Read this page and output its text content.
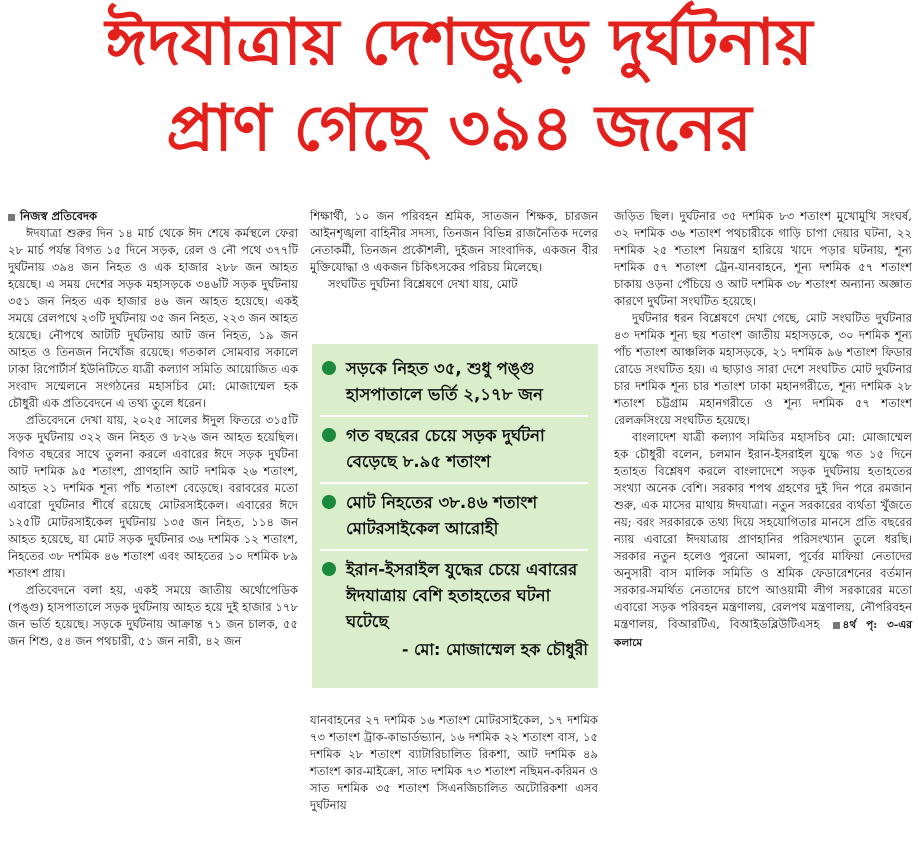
ঈদযাত্রায় দেশজুড়ে দুর্ঘটনায়
প্রাণ গেছে ৩৯৪ জনের

নিজস্ব প্রতিবেদক

ঈদযাত্রা শুরুর দিন ১৪ মার্চ থেকে ঈদ শেষে কর্মস্থলে ফেরা ২৮ মার্চ পর্যন্ত বিগত ১৫ দিনে সড়ক, রেল ও নৌ পথে ৩৭৭টি দুর্ঘটনায় ৩৯৪ জন নিহত ও এক হাজার ২৮৮ জন আহত হয়েছে। এ সময় দেশের সড়ক মহাসড়কে ৩৪৬টি সড়ক দুর্ঘটনায় ৩৫১ জন নিহত এক হাজার ৪৬ জন আহত হয়েছে। একই সময়ে রেলপথে ২৩টি দুর্ঘটনায় ৩৫ জন নিহত, ২২৩ জন আহত হয়েছে। নৌপথে আটটি দুর্ঘটনায় আট জন নিহত, ১৯ জন আহত ও তিনজন নিখোঁজ রয়েছে। গতকাল সোমবার সকালে ঢাকা রিপোর্টার্স ইউনিটিতে যাত্রী কল্যাণ সমিতি আয়োজিত এক সংবাদ সম্মেলনে সংগঠনের মহাসচিব মো: মোজাম্মেল হক চৌধুরী এক প্রতিবেদনে এ তথ্য তুলে ধরেন।

প্রতিবেদনে দেখা যায়, ২০২৫ সালের ঈদুল ফিতরে ৩১৫টি সড়ক দুর্ঘটনায় ৩২২ জন নিহত ও ৮২৬ জন আহত হয়েছিল। বিগত বছরের সাথে তুলনা করলে এবারের ঈদে সড়ক দুর্ঘটনা আট দশমিক ৯৫ শতাংশ, প্রাণহানি আট দশমিক ২৬ শতাংশ, আহত ২১ দশমিক শূন্য পাঁচ শতাংশ বেড়েছে। বরাবরের মতো এবারো দুর্ঘটনার শীর্ষে রয়েছে মোটরসাইকেল। এবারের ঈদে ১২৫টি মোটরসাইকেল দুর্ঘটনায় ১৩৫ জন নিহত, ১১৪ জন আহত হয়েছে, যা মোট সড়ক দুর্ঘটনার ৩৬ দশমিক ১২ শতাংশ, নিহতের ৩৮ দশমিক ৪৬ শতাংশ এবং আহতের ১০ দশমিক ৮৯ শতাংশ প্রায়।

প্রতিবেদনে বলা হয়, একই সময়ে জাতীয় অর্থোপেডিক (পঙ্গু) হাসপাতালে সড়ক দুর্ঘটনায় আহত হয়ে দুই হাজার ১৭৮ জন ভর্তি হয়েছে। সড়কে দুর্ঘটনায় আক্রান্ত ৭১ জন চালক, ৫৫ জন শিশু, ৫৪ জন পথচারী, ৫১ জন নারী, ৪২ জন

শিক্ষার্থী, ১০ জন পরিবহন শ্রমিক, সাতজন শিক্ষক, চারজন আইনশৃঙ্খলা বাহিনীর সদস্য, তিনজন বিভিন্ন রাজনৈতিক দলের নেতাকর্মী, তিনজন প্রকৌশলী, দুইজন সাংবাদিক, একজন বীর মুক্তিযোদ্ধা ও একজন চিকিৎসকের পরিচয় মিলেছে।

সংঘটিত দুর্ঘটনা বিশ্লেষণে দেখা যায়, মোট

সড়কে নিহত ৩৫, শুধু পঙ্গু হাসপাতালে ভর্তি ২,১৭৮ জন
গত বছরের চেয়ে সড়ক দুর্ঘটনা বেড়েছে ৮.৯৫ শতাংশ
মোট নিহতের ৩৮.৪৬ শতাংশ মোটরসাইকেল আরোহী
ইরান-ইসরাইল যুদ্ধের চেয়ে এবারের ঈদযাত্রায় বেশি হতাহতের ঘটনা ঘটেছে
- মো: মোজাম্মেল হক চৌধুরী

যানবাহনের ২৭ দশমিক ১৬ শতাংশ মোটরসাইকেল, ১৭ দশমিক ৭৩ শতাংশ ট্রাক-কাভার্ডভ্যান, ১৬ দশমিক ২২ শতাংশ বাস, ১৫ দশমিক ২৮ শতাংশ ব্যাটারিচালিত রিকশা, আট দশমিক ৪৯ শতাংশ কার-মাইক্রো, সাত দশমিক ৭৩ শতাংশ নছিমন-করিমন ও সাত দশমিক ৩৫ শতাংশ সিএনজিচালিত অটোরিকশা এসব দুর্ঘটনায়

জড়িত ছিল। দুর্ঘটনার ৩৫ দশমিক ৮৩ শতাংশ মুখোমুখি সংঘর্ষ, ৩২ দশমিক ৩৬ শতাংশ পথচারীকে গাড়ি চাপা দেয়ার ঘটনা, ২২ দশমিক ২৫ শতাংশ নিয়ন্ত্রণ হারিয়ে খাদে পড়ার ঘটনায়, শূন্য দশমিক ৫৭ শতাংশ ট্রেন-যানবাহনে, শূন্য দশমিক ৫৭ শতাংশ চাকায় ওড়না পেঁচিয়ে ও আট দশমিক ৩৮ শতাংশ অন্যান্য অজ্ঞাত কারণে দুর্ঘটনা সংঘটিত হয়েছে।

দুর্ঘটনার ধরন বিশ্লেষণে দেখা গেছে, মোট সংঘটিত দুর্ঘটনার ৪৩ দশমিক শূন্য ছয় শতাংশ জাতীয় মহাসড়কে, ৩০ দশমিক শূন্য পাঁচ শতাংশ আঞ্চলিক মহাসড়কে, ২১ দশমিক ৯৬ শতাংশ ফিডার রোডে সংঘটিত হয়। এ ছাড়াও সারা দেশে সংঘটিত মোট দুর্ঘটনার চার দশমিক শূন্য চার শতাংশ ঢাকা মহানগরীতে, শূন্য দশমিক ২৮ শতাংশ চট্টগ্রাম মহানগরীতে ও শূন্য দশমিক ৫৭ শতাংশ রেলক্রসিংয়ে সংঘটিত হয়েছে।

বাংলাদেশ যাত্রী কল্যাণ সমিতির মহাসচিব মো: মোজাম্মেল হক চৌধুরী বলেন, চলমান ইরান-ইসরাইল যুদ্ধে গত ১৫ দিনে হতাহত বিশ্লেষণ করলে বাংলাদেশে সড়ক দুর্ঘটনায় হতাহতের সংখ্যা অনেক বেশি। সরকার শপথ গ্রহণের দুই দিন পরে রমজান শুরু, এক মাসের মাথায় ঈদযাত্রা। নতুন সরকারের ব্যর্থতা খুঁজতে নয়; বরং সরকারকে তথ্য দিয়ে সহযোগিতার মানসে প্রতি বছরের ন্যায় এবারো ঈদযাত্রায় প্রাণহানির পরিসংখ্যান তুলে ধরছি। সরকার নতুন হলেও পুরনো আমলা, পূর্বের মাফিয়া নেতাদের অনুসারী বাস মালিক সমিতি ও শ্রমিক ফেডারেশনের বর্তমান সরকার-সমর্থিত নেতাদের চাপে আওয়ামী লীগ সরকারের মতো এবারো সড়ক পরিবহন মন্ত্রণালয়, রেলপথ মন্ত্রণালয়, নৌপরিবহন মন্ত্রণালয়, বিআরটিএ, বিআইডব্লিউটিএসহ ৪র্থ পৃ: ৩-এর কলামে
